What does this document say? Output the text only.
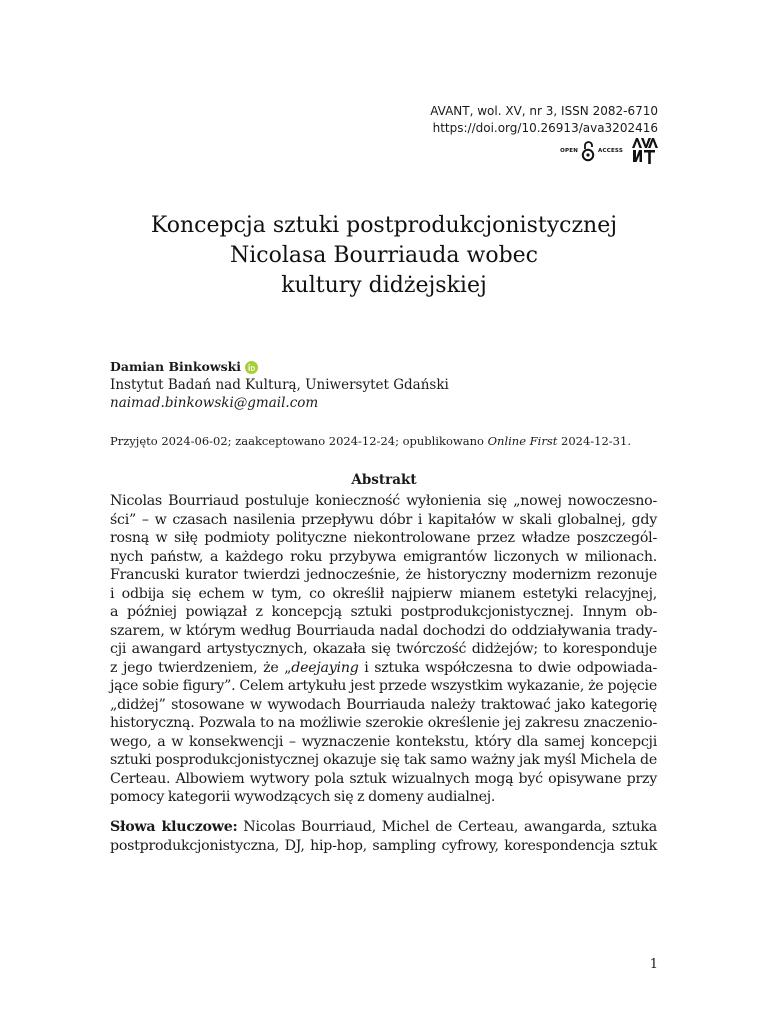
AVANT, wol. XV, nr 3, ISSN 2082-6710
https://doi.org/10.26913/ava3202416
OPEN	ACCESS
Koncepcja sztuki postprodukcjonistycznej
Nicolasa Bourriauda wobec
kultury didżejskiej
Damian Binkowski
Instytut Badań nad Kulturą, Uniwersytet Gdański
naimad.binkowski@gmail.com
Przyjęto 2024-06-02; zaakceptowano 2024-12-24; opublikowano Online First 2024-12-31.
Abstrakt
Nicolas Bourriaud postuluje konieczność wyłonienia się „nowej nowoczesno-
ści” – w czasach nasilenia przepływu dóbr i kapitałów w skali globalnej, gdy
rosną w siłę podmioty polityczne niekontrolowane przez władze poszczegól-
nych państw, a każdego roku przybywa emigrantów liczonych w milionach.
Francuski kurator twierdzi jednocześnie, że historyczny modernizm rezonuje
i odbija się echem w tym, co określił najpierw mianem estetyki relacyjnej,
a później powiązał z koncepcją sztuki postprodukcjonistycznej. Innym ob-
szarem, w którym według Bourriauda nadal dochodzi do oddziaływania trady-
cji awangard artystycznych, okazała się twórczość didżejów; to koresponduje
z jego twierdzeniem, że „deejaying i sztuka współczesna to dwie odpowiada-
jące sobie figury”. Celem artykułu jest przede wszystkim wykazanie, że pojęcie
„didżej” stosowane w wywodach Bourriauda należy traktować jako kategorię
historyczną. Pozwala to na możliwie szerokie określenie jej zakresu znaczenio-
wego, a w konsekwencji – wyznaczenie kontekstu, który dla samej koncepcji
sztuki posprodukcjonistycznej okazuje się tak samo ważny jak myśl Michela de
Certeau. Albowiem wytwory pola sztuk wizualnych mogą być opisywane przy
pomocy kategorii wywodzących się z domeny audialnej.
Słowa kluczowe: Nicolas Bourriaud, Michel de Certeau, awangarda, sztuka
postprodukcjonistyczna, DJ, hip-hop, sampling cyfrowy, korespondencja sztuk
1
